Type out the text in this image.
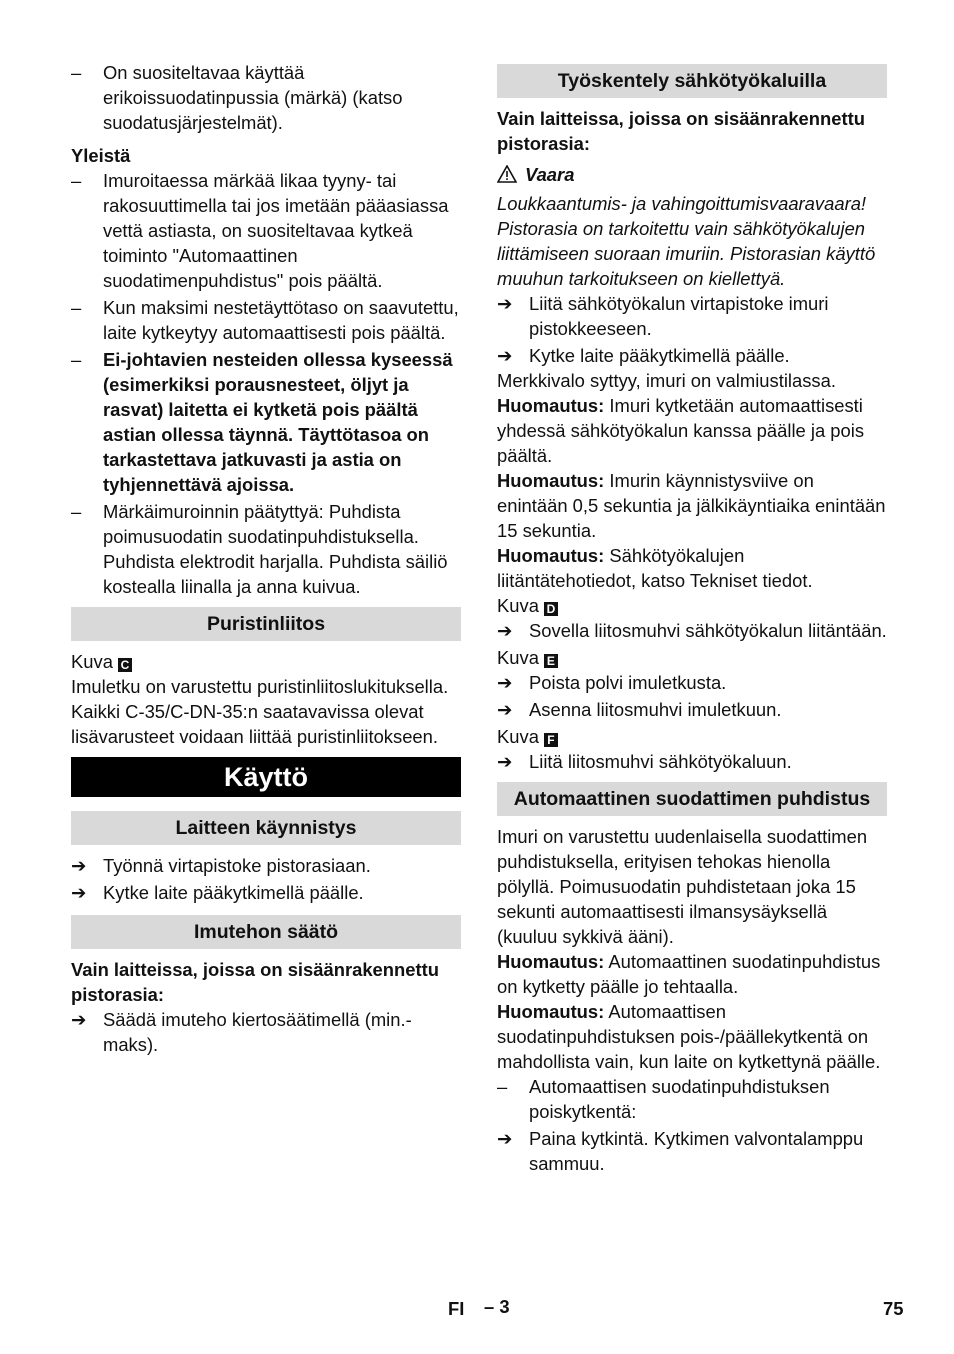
–	On suositeltavaa käyttää erikoissuodatinpussia (märkä) (katso suodatusjärjestelmät).
Yleistä
–	Imuroitaessa märkää likaa tyyny- tai rakosuuttimella tai jos imetään pääasiassa vettä astiasta, on suositeltavaa kytkeä toiminto "Automaattinen suodatimenpuhdistus" pois päältä.
–	Kun maksimi nestetäyttötaso on saavutettu, laite kytkeytyy automaattisesti pois päältä.
–	Ei-johtavien nesteiden ollessa kyseessä (esimerkiksi porausnesteet, öljyt ja rasvat) laitetta ei kytketä pois päältä astian ollessa täynnä. Täyttötasoa on tarkastettava jatkuvasti ja astia on tyhjennettävä ajoissa.
–	Märkäimuroinnin päätyttyä: Puhdista poimusuodatin suodatinpuhdistuksella. Puhdista elektrodit harjalla. Puhdista säiliö kostealla liinalla ja anna kuivua.
Puristinliitos
Kuva C
Imuletku on varustettu puristinliitoslukituksella. Kaikki C-35/C-DN-35:n saatavavissa olevat lisävarusteet voidaan liittää puristinliitokseen.
Käyttö
Laitteen käynnistys
➔ Työnnä virtapistoke pistorasiaan.
➔ Kytke laite pääkytkimellä päälle.
Imutehon säätö
Vain laitteissa, joissa on sisäänrakennettu pistorasia:
➔ Säädä imuteho kiertosäätimellä (min.-maks).
Työskentely sähkötyökaluilla
Vain laitteissa, joissa on sisäänrakennettu pistorasia:
Vaara
Loukkaantumis- ja vahingoittumisvaaravaara! Pistorasia on tarkoitettu vain sähkötyökalujen liittämiseen suoraan imuriin. Pistorasian käyttö muuhun tarkoitukseen on kiellettyä.
➔ Liitä sähkötyökalun virtapistoke imuri pistokkeeseen.
➔ Kytke laite pääkytkimellä päälle.
Merkkivalo syttyy, imuri on valmiustilassa.
Huomautus: Imuri kytketään automaattisesti yhdessä sähkötyökalun kanssa päälle ja pois päältä.
Huomautus: Imurin käynnistysviive on enintään 0,5 sekuntia ja jälkikäyntiaika enintään 15 sekuntia.
Huomautus: Sähkötyökalujen liitäntätehotiedot, katso Tekniset tiedot.
Kuva D
➔ Sovella liitosmuhvi sähkötyökalun liitäntään.
Kuva E
➔ Poista polvi imuletkusta.
➔ Asenna liitosmuhvi imuletkuun.
Kuva F
➔ Liitä liitosmuhvi sähkötyökaluun.
Automaattinen suodattimen puhdistus
Imuri on varustettu uudenlaisella suodattimen puhdistuksella, erityisen tehokas hienolla pölyllä. Poimusuodatin puhdistetaan joka 15 sekunti automaattisesti ilmansysäyksellä (kuuluu sykkivä ääni).
Huomautus: Automaattinen suodatinpuhdistus on kytketty päälle jo tehtaalla.
Huomautus: Automaattisen suodatinpuhdistuksen pois-/päällekytkentä on mahdollista vain, kun laite on kytkettynä päälle.
–	Automaattisen suodatinpuhdistuksen poiskytkentä:
➔ Paina kytkintä. Kytkimen valvontalamppu sammuu.
FI – 3	75
